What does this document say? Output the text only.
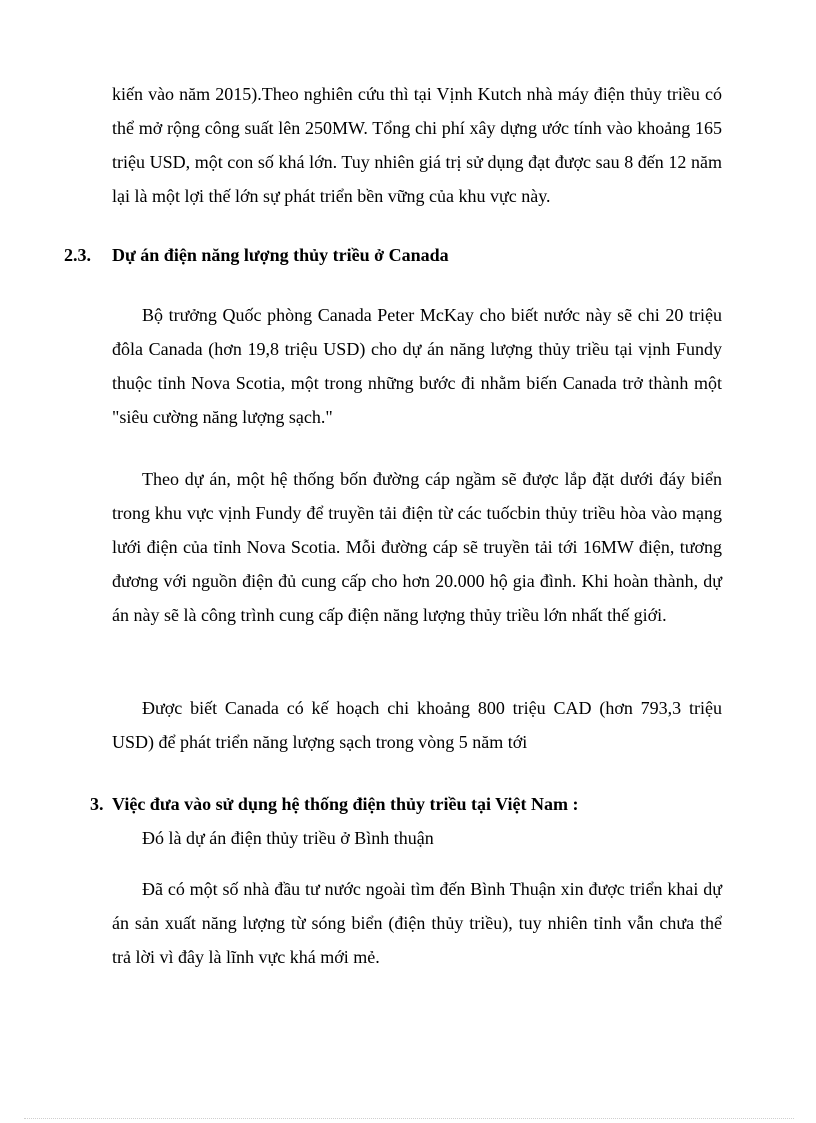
kiến vào năm 2015).Theo nghiên cứu thì tại Vịnh Kutch nhà máy điện thủy triều có thể mở rộng công suất lên 250MW. Tổng chi phí xây dựng ước tính vào khoảng 165 triệu USD, một con số khá lớn. Tuy nhiên giá trị sử dụng đạt được sau 8 đến 12 năm lại là một lợi thế lớn sự phát triển bền vững của khu vực này.

2.3. Dự án điện năng lượng thủy triều ở Canada

Bộ trưởng Quốc phòng Canada Peter McKay cho biết nước này sẽ chi 20 triệu đôla Canada (hơn 19,8 triệu USD) cho dự án năng lượng thủy triều tại vịnh Fundy thuộc tỉnh Nova Scotia, một trong những bước đi nhằm biến Canada trở thành một "siêu cường năng lượng sạch."

Theo dự án, một hệ thống bốn đường cáp ngầm sẽ được lắp đặt dưới đáy biển trong khu vực vịnh Fundy để truyền tải điện từ các tuốcbin thủy triều hòa vào mạng lưới điện của tỉnh Nova Scotia. Mỗi đường cáp sẽ truyền tải tới 16MW điện, tương đương với nguồn điện đủ cung cấp cho hơn 20.000 hộ gia đình. Khi hoàn thành, dự án này sẽ là công trình cung cấp điện năng lượng thủy triều lớn nhất thế giới.

Được biết Canada có kế hoạch chi khoảng 800 triệu CAD (hơn 793,3 triệu USD) để phát triển năng lượng sạch trong vòng 5 năm tới

3. Việc đưa vào sử dụng hệ thống điện thủy triều tại Việt Nam :

Đó là dự án điện thủy triều ở Bình thuận

Đã có một số nhà đầu tư nước ngoài tìm đến Bình Thuận xin được triển khai dự án sản xuất năng lượng từ sóng biển (điện thủy triều), tuy nhiên tỉnh vẫn chưa thể trả lời vì đây là lĩnh vực khá mới mẻ.
